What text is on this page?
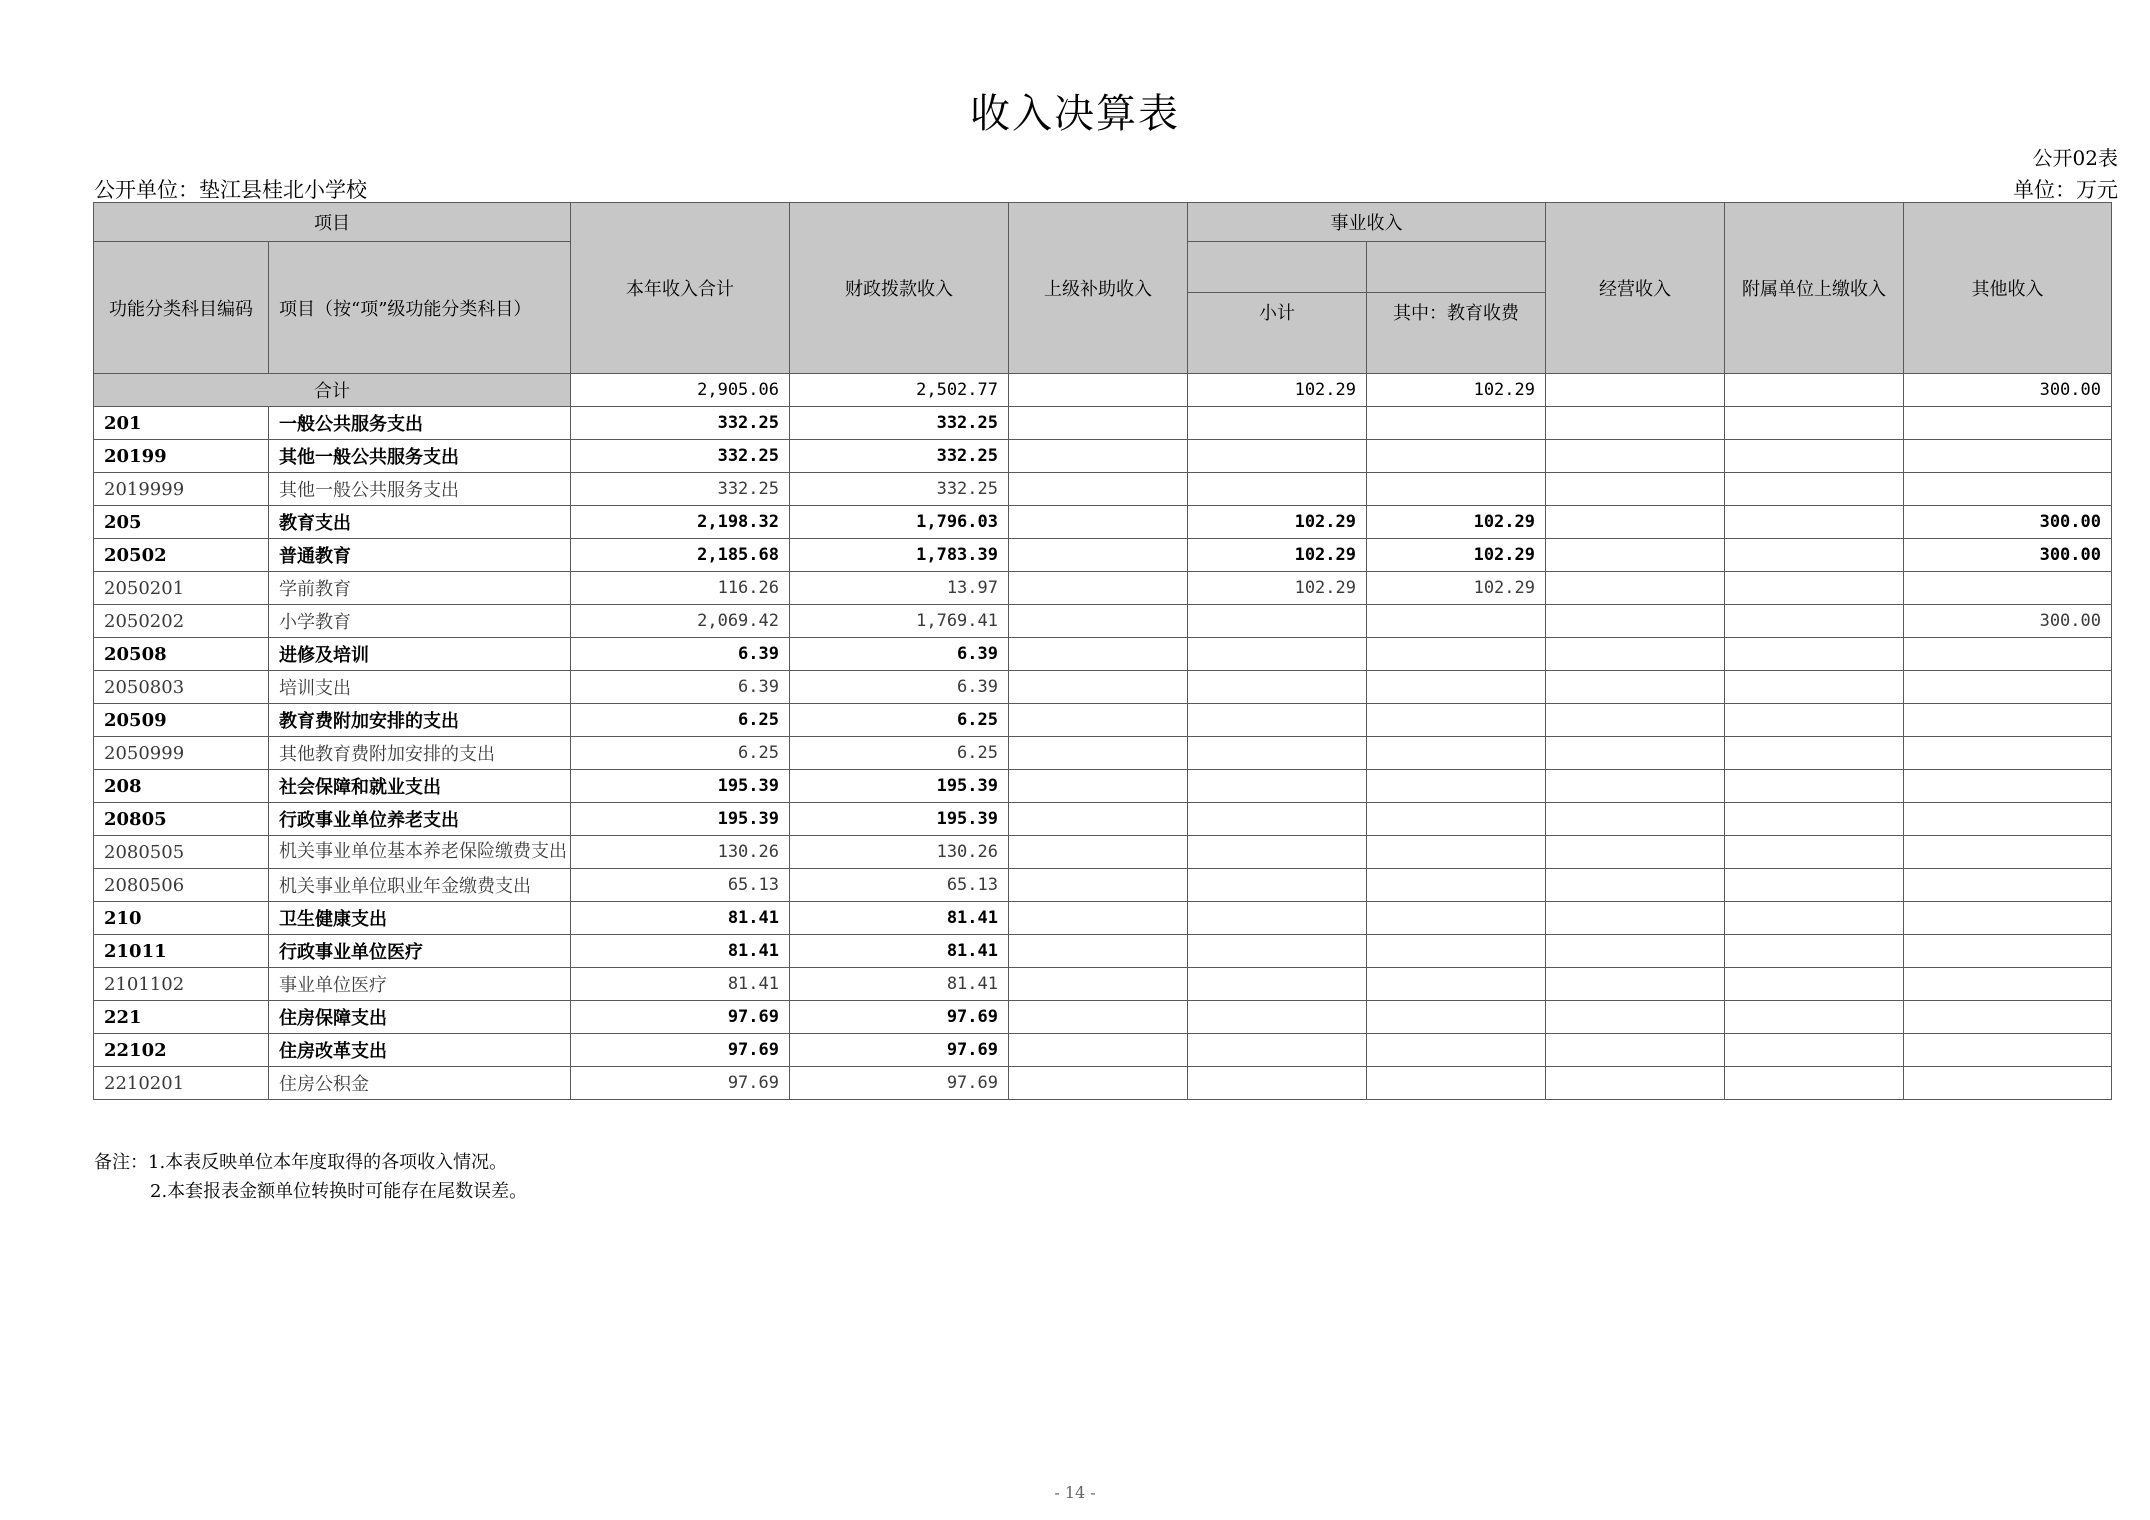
收入决算表
公开02表
公开单位：垫江县桂北小学校	单位：万元
项目		本年收入合计	财政拨款收入	上级补助收入	事业收入		经营收入	附属单位上缴收入	其他收入
功能分类科目编码	项目（按“项”级功能分类科目）								
					小计	其中：教育收费			
合计		2,905.06	2,502.77		102.29	102.29			300.00
201	一般公共服务支出	332.25	332.25						
20199	其他一般公共服务支出	332.25	332.25						
2019999	其他一般公共服务支出	332.25	332.25						
205	教育支出	2,198.32	1,796.03		102.29	102.29			300.00
20502	普通教育	2,185.68	1,783.39		102.29	102.29			300.00
2050201	学前教育	116.26	13.97		102.29	102.29			
2050202	小学教育	2,069.42	1,769.41						300.00
20508	进修及培训	6.39	6.39						
2050803	培训支出	6.39	6.39						
20509	教育费附加安排的支出	6.25	6.25						
2050999	其他教育费附加安排的支出	6.25	6.25						
208	社会保障和就业支出	195.39	195.39						
20805	行政事业单位养老支出	195.39	195.39						
2080505	机关事业单位基本养老保险缴费支出	130.26	130.26						
2080506	机关事业单位职业年金缴费支出	65.13	65.13						
210	卫生健康支出	81.41	81.41						
21011	行政事业单位医疗	81.41	81.41						
2101102	事业单位医疗	81.41	81.41						
221	住房保障支出	97.69	97.69						
22102	住房改革支出	97.69	97.69						
2210201	住房公积金	97.69	97.69						
备注：1.本表反映单位本年度取得的各项收入情况。
2.本套报表金额单位转换时可能存在尾数误差。
- 14 -
